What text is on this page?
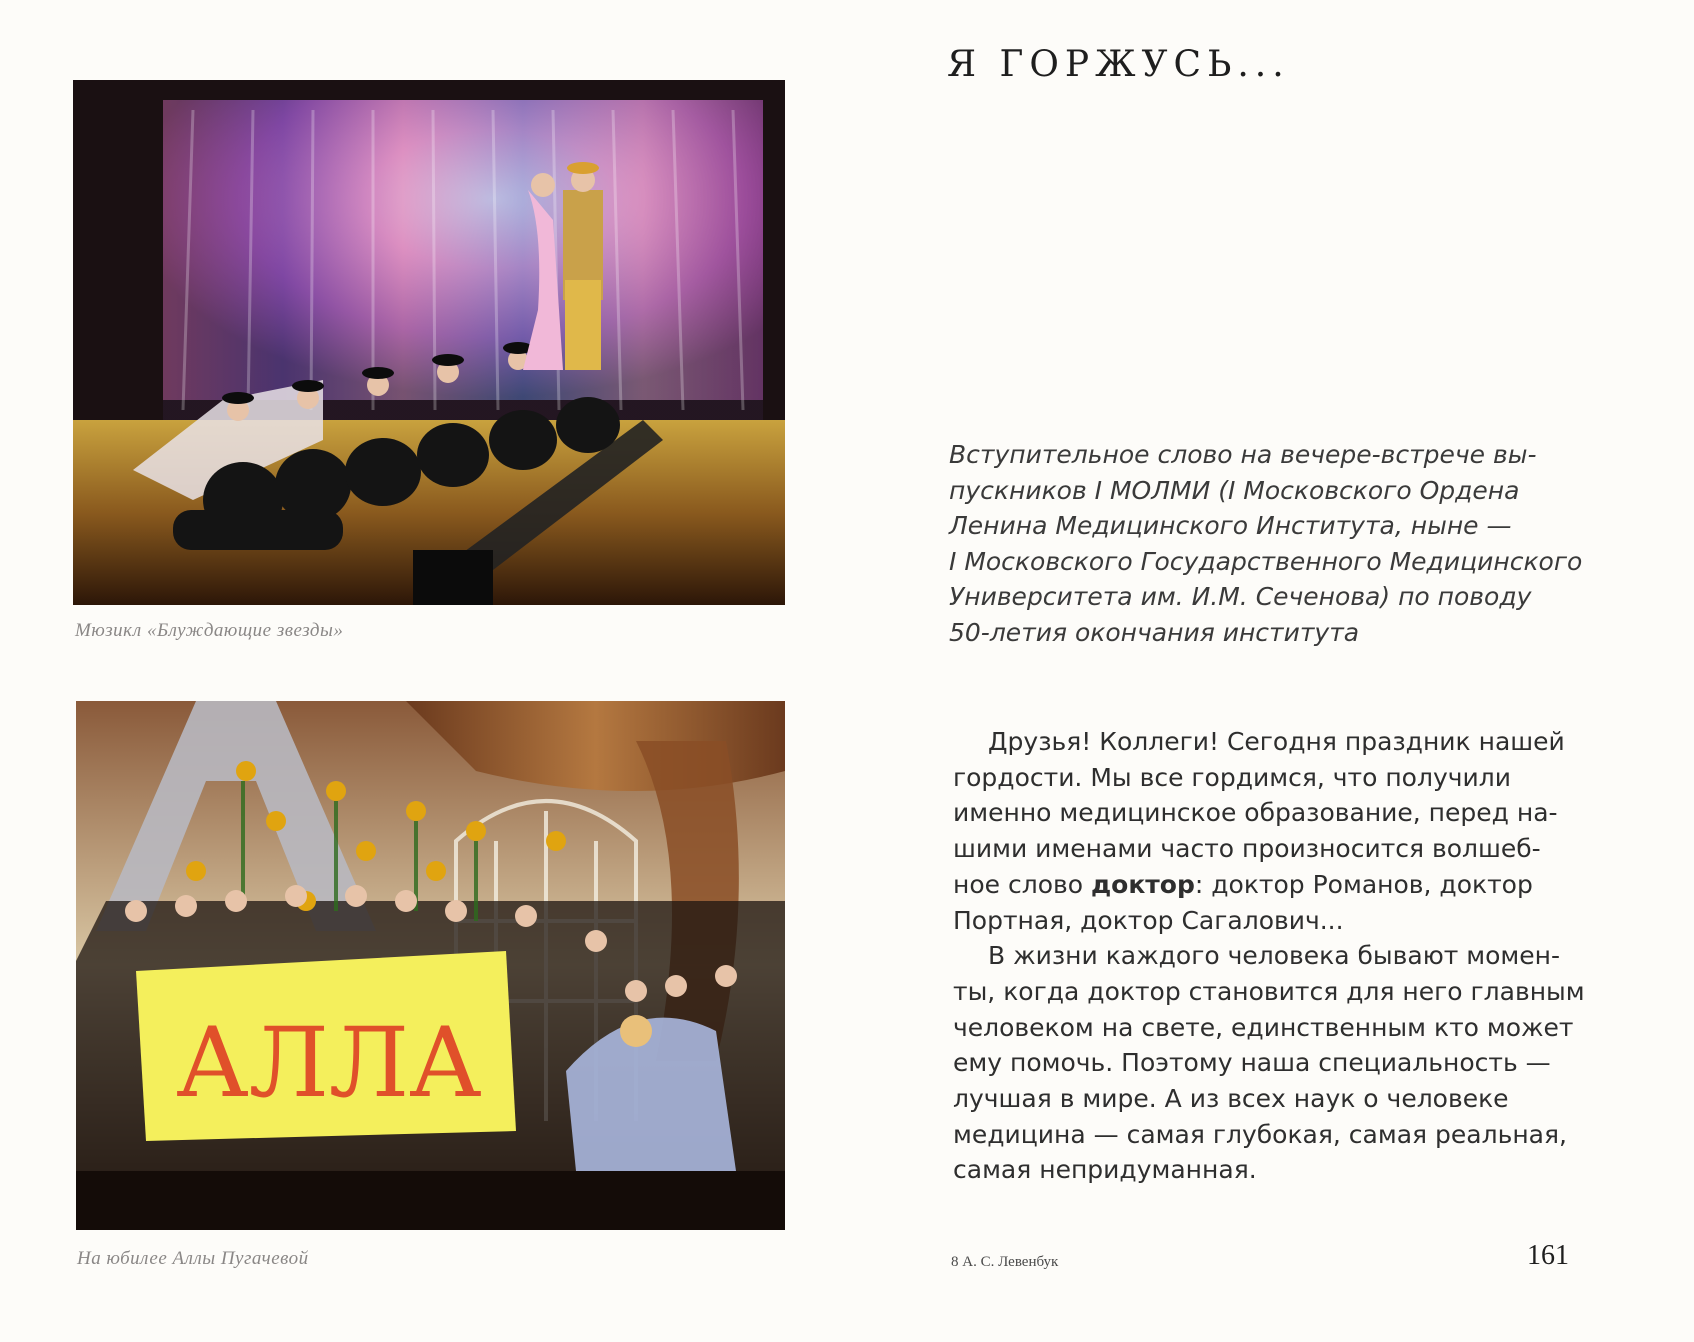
Мюзикл «Блуждающие звезды»
АЛЛА
На юбилее Аллы Пугачевой
Я ГОРЖУСЬ...
Вступительное слово на вечере-встрече вы-
пускников I МОЛМИ (I Московского Ордена
Ленина Медицинского Института, ныне —
I Московского Государственного Медицинского
Университета им. И.М. Сеченова) по поводу
50-летия окончания института
Друзья! Коллеги! Сегодня праздник нашей
гордости. Мы все гордимся, что получили
именно медицинское образование, перед на-
шими именами часто произносится волшеб-
ное слово доктор: доктор Романов, доктор
Портная, доктор Сагалович...
В жизни каждого человека бывают момен-
ты, когда доктор становится для него главным
человеком на свете, единственным кто может
ему помочь. Поэтому наша специальность —
лучшая в мире. А из всех наук о человеке
медицина — самая глубокая, самая реальная,
самая непридуманная.
8 А. С. Левенбук	161
